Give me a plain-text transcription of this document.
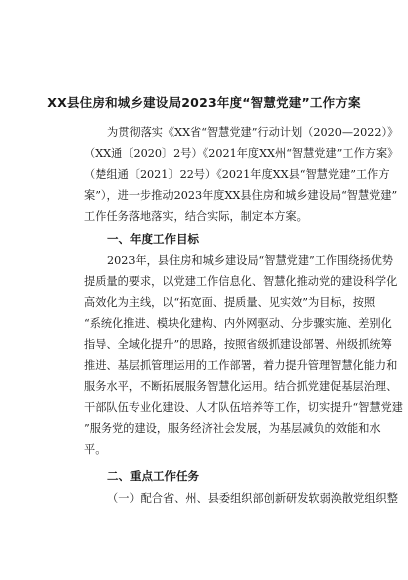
XX县住房和城乡建设局2023年度“智慧党建”工作方案
为贯彻落实《XX省“智慧党建”行动计划（2020—2022）》
（XX通〔2020〕2号）《2021年度XX州“智慧党建”工作方案》
（楚组通〔2021〕22号）《2021年度XX县“智慧党建”工作方
案”），进一步推动2023年度XX县住房和城乡建设局“智慧党建”
工作任务落地落实，结合实际，制定本方案。
一、年度工作目标
2023年，县住房和城乡建设局“智慧党建”工作围绕扬优势
提质量的要求，以党建工作信息化、智慧化推动党的建设科学化
高效化为主线，以“拓宽面、提质量、见实效”为目标，按照
“系统化推进、模块化建构、内外网驱动、分步骤实施、差别化
指导、全域化提升”的思路，按照省级抓建设部署、州级抓统筹
推进、基层抓管理运用的工作部署，着力提升管理智慧化能力和
服务水平，不断拓展服务智慧化运用。结合抓党建促基层治理、
干部队伍专业化建设、人才队伍培养等工作，切实提升“智慧党建
”服务党的建设，服务经济社会发展，为基层减负的效能和水
平。
二、重点工作任务
（一）配合省、州、县委组织部创新研发软弱涣散党组织整
